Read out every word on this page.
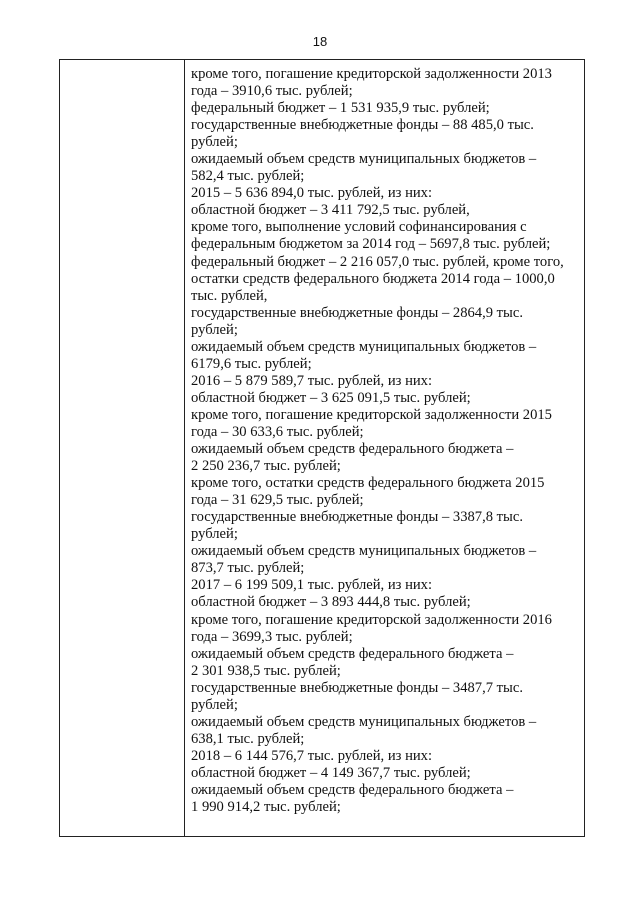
18

кроме того, погашение кредиторской задолженности 2013
года – 3910,6 тыс. рублей;
федеральный бюджет – 1 531 935,9 тыс. рублей;
государственные внебюджетные фонды – 88 485,0 тыс.
рублей;
ожидаемый объем средств муниципальных бюджетов –
582,4 тыс. рублей;
2015 – 5 636 894,0 тыс. рублей, из них:
областной бюджет – 3 411 792,5 тыс. рублей,
кроме того, выполнение условий софинансирования с
федеральным бюджетом за 2014 год – 5697,8 тыс. рублей;
федеральный бюджет – 2 216 057,0 тыс. рублей, кроме того,
остатки средств федерального бюджета 2014 года – 1000,0
тыс. рублей,
государственные внебюджетные фонды – 2864,9 тыс.
рублей;
ожидаемый объем средств муниципальных бюджетов –
6179,6 тыс. рублей;
2016 – 5 879 589,7 тыс. рублей, из них:
областной бюджет – 3 625 091,5 тыс. рублей;
кроме того, погашение кредиторской задолженности 2015
года – 30 633,6 тыс. рублей;
ожидаемый объем средств федерального бюджета –
2 250 236,7 тыс. рублей;
кроме того, остатки средств федерального бюджета 2015
года – 31 629,5 тыс. рублей;
государственные внебюджетные фонды – 3387,8 тыс.
рублей;
ожидаемый объем средств муниципальных бюджетов –
873,7 тыс. рублей;
2017 – 6 199 509,1 тыс. рублей, из них:
областной бюджет – 3 893 444,8 тыс. рублей;
кроме того, погашение кредиторской задолженности 2016
года – 3699,3 тыс. рублей;
ожидаемый объем средств федерального бюджета –
2 301 938,5 тыс. рублей;
государственные внебюджетные фонды – 3487,7 тыс.
рублей;
ожидаемый объем средств муниципальных бюджетов –
638,1 тыс. рублей;
2018 – 6 144 576,7 тыс. рублей, из них:
областной бюджет – 4 149 367,7 тыс. рублей;
ожидаемый объем средств федерального бюджета –
1 990 914,2 тыс. рублей;
